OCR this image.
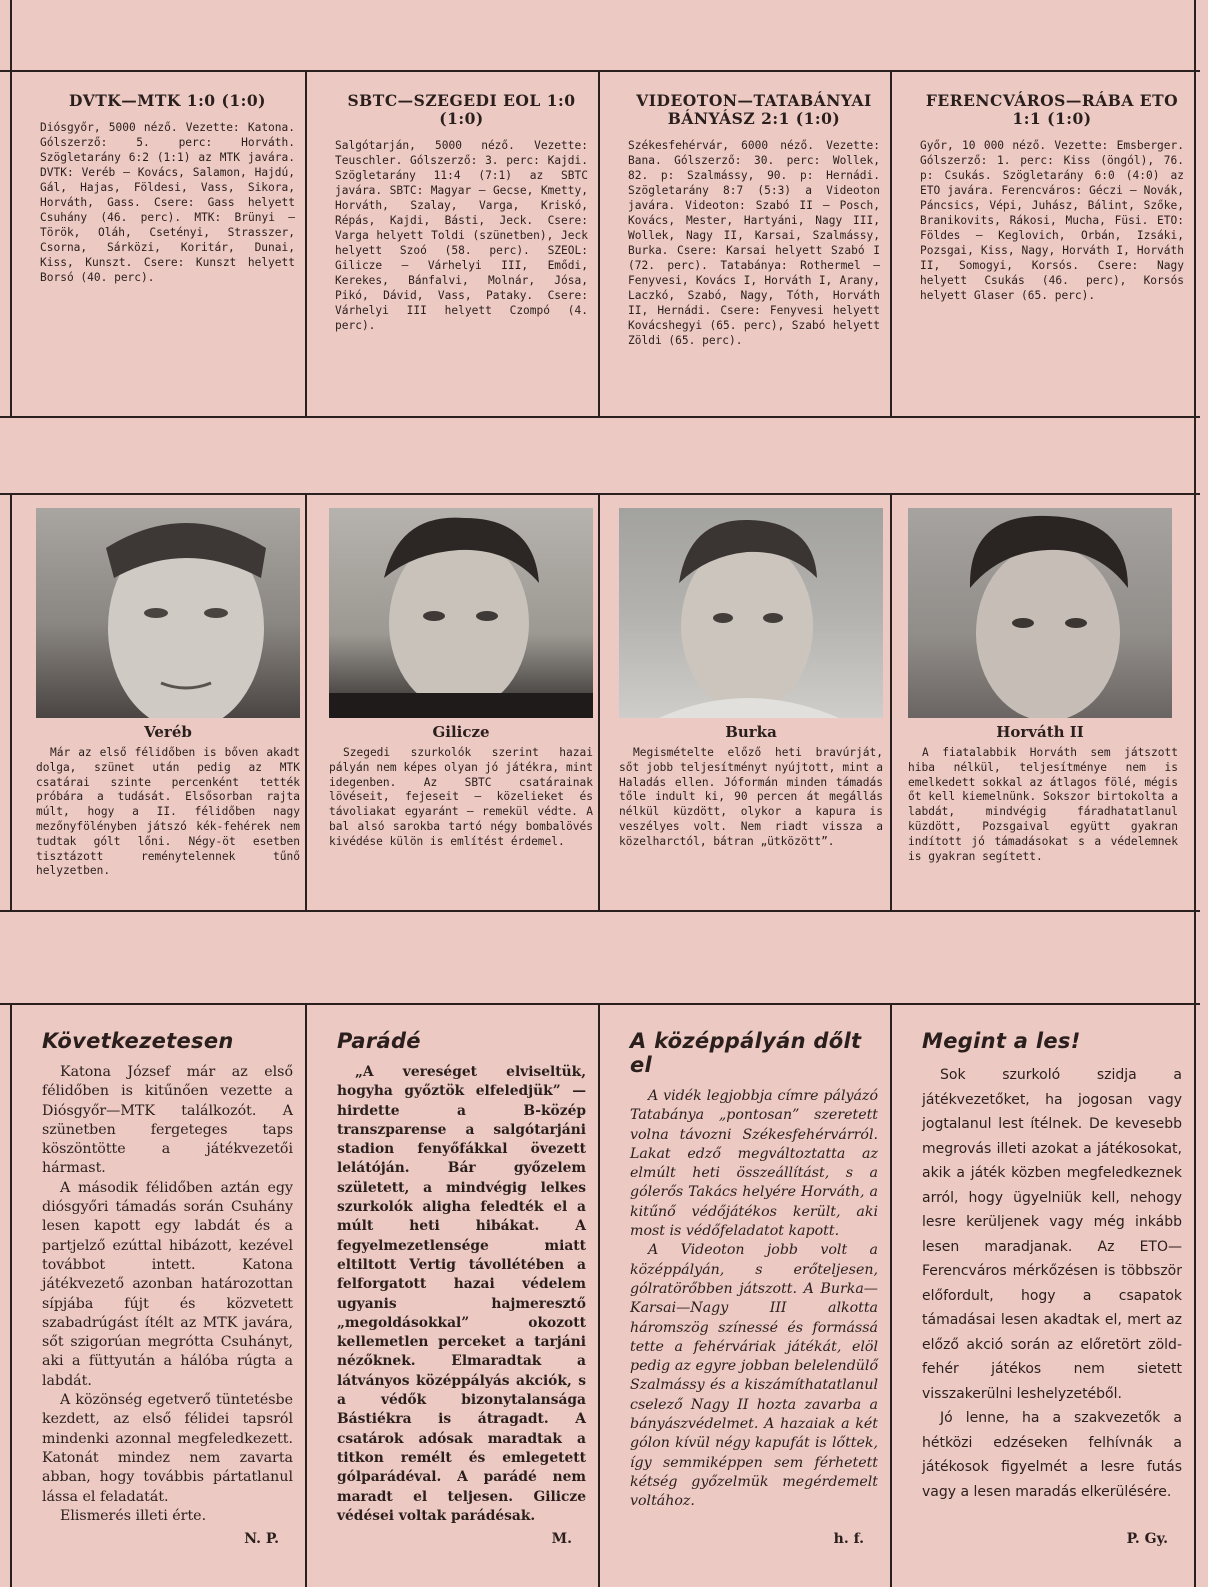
DVTK—MTK 1:0 (1:0)

Diósgyőr, 5000 néző. Vezette: Katona. Gólszerző: 5. perc: Horváth. Szögletarány 6:2 (1:1) az MTK javára. DVTK: Veréb — Kovács, Salamon, Hajdú, Gál, Hajas, Földesi, Vass, Sikora, Horváth, Gass. Csere: Gass helyett Csuhány (46. perc). MTK: Brünyi — Török, Oláh, Csetényi, Strasszer, Csorna, Sárközi, Koritár, Dunai, Kiss, Kunszt. Csere: Kunszt helyett Borsó (40. perc).

SBTC—SZEGEDI EOL 1:0 (1:0)

Salgótarján, 5000 néző. Vezette: Teuschler. Gólszerző: 3. perc: Kajdi. Szögletarány 11:4 (7:1) az SBTC javára. SBTC: Magyar — Gecse, Kmetty, Horváth, Szalay, Varga, Kriskó, Répás, Kajdi, Básti, Jeck. Csere: Varga helyett Toldi (szünetben), Jeck helyett Szoó (58. perc). SZEOL: Gilicze — Várhelyi III, Emődi, Kerekes, Bánfalvi, Molnár, Jósa, Pikó, Dávid, Vass, Pataky. Csere: Várhelyi III helyett Czompó (4. perc).

VIDEOTON—TATABÁNYAI BÁNYÁSZ 2:1 (1:0)

Székesfehérvár, 6000 néző. Vezette: Bana. Gólszerző: 30. perc: Wollek, 82. p: Szalmássy, 90. p: Hernádi. Szögletarány 8:7 (5:3) a Videoton javára. Videoton: Szabó II — Posch, Kovács, Mester, Hartyáni, Nagy III, Wollek, Nagy II, Karsai, Szalmássy, Burka. Csere: Karsai helyett Szabó I (72. perc). Tatabánya: Rothermel — Fenyvesi, Kovács I, Horváth I, Arany, Laczkó, Szabó, Nagy, Tóth, Horváth II, Hernádi. Csere: Fenyvesi helyett Kovácshegyi (65. perc), Szabó helyett Zöldi (65. perc).

FERENCVÁROS—RÁBA ETO 1:1 (1:0)

Győr, 10 000 néző. Vezette: Emsberger. Gólszerző: 1. perc: Kiss (öngól), 76. p: Csukás. Szögletarány 6:0 (4:0) az ETO javára. Ferencváros: Géczi — Novák, Páncsics, Vépi, Juhász, Bálint, Szőke, Branikovits, Rákosi, Mucha, Füsi. ETO: Földes — Keglovich, Orbán, Izsáki, Pozsgai, Kiss, Nagy, Horváth I, Horváth II, Somogyi, Korsós. Csere: Nagy helyett Csukás (46. perc), Korsós helyett Glaser (65. perc).

Veréb

Már az első félidőben is bőven akadt dolga, szünet után pedig az MTK csatárai szinte percenként tették próbára a tudását. Elsősorban rajta múlt, hogy a II. félidőben nagy mezőnyfölényben játszó kék-fehérek nem tudtak gólt lőni. Négy-öt esetben tisztázott reménytelennek tűnő helyzetben.

Gilicze

Szegedi szurkolók szerint hazai pályán nem képes olyan jó játékra, mint idegenben. Az SBTC csatárainak lövéseit, fejeseit — közelieket és távoliakat egyaránt — remekül védte. A bal alsó sarokba tartó négy bombalövés kivédése külön is említést érdemel.

Burka

Megismételte előző heti bravúrját, sőt jobb teljesítményt nyújtott, mint a Haladás ellen. Jóformán minden támadás tőle indult ki, 90 percen át megállás nélkül küzdött, olykor a kapura is veszélyes volt. Nem riadt vissza a közelharctól, bátran „ütközött”.

Horváth II

A fiatalabbik Horváth sem játszott hiba nélkül, teljesítménye nem is emelkedett sokkal az átlagos fölé, mégis őt kell kiemelnünk. Sokszor birtokolta a labdát, mindvégig fáradhatatlanul küzdött, Pozsgaival együtt gyakran indított jó támadásokat s a védelemnek is gyakran segített.

Következetesen

Katona József már az első félidőben is kitűnően vezette a Diósgyőr—MTK találkozót. A szünetben fergeteges taps köszöntötte a játékvezetői hármast.

A második félidőben aztán egy diósgyőri támadás során Csuhány lesen kapott egy labdát és a partjelző ezúttal hibázott, kezével továbbot intett. Katona játékvezető azonban határozottan sípjába fújt és közvetett szabadrúgást ítélt az MTK javára, sőt szigorúan megrótta Csuhányt, aki a füttyután a hálóba rúgta a labdát.

A közönség egetverő tüntetésbe kezdett, az első félidei tapsról mindenki azonnal megfeledkezett. Katonát mindez nem zavarta abban, hogy továbbis pártatlanul lássa el feladatát.

Elismerés illeti érte.

N. P.
Parádé

„A vereséget elviseltük, hogyha győztök elfeledjük” — hirdette a B-közép transzparense a salgótarjáni stadion fenyőfákkal övezett lelátóján. Bár győzelem született, a mindvégig lelkes szurkolók aligha feledték el a múlt heti hibákat. A fegyelmezetlensége miatt eltiltott Vertig távollétében a felforgatott hazai védelem ugyanis hajmeresztő „megoldásokkal” okozott kellemetlen perceket a tarjáni nézőknek. Elmaradtak a látványos középpályás akciók, s a védők bizonytalansága Bástiékra is átragadt. A csatárok adósak maradtak a titkon remélt és emlegetett gólparádéval. A parádé nem maradt el teljesen. Gilicze védései voltak parádésak.

M.
A középpályán dőlt el

A vidék legjobbja címre pályázó Tatabánya „pontosan” szeretett volna távozni Székesfehérvárról. Lakat edző megváltoztatta az elmúlt heti összeállítást, s a gólerős Takács helyére Horváth, a kitűnő védőjátékos került, aki most is védőfeladatot kapott.

A Videoton jobb volt a középpályán, s erőteljesen, gólratörőbben játszott. A Burka—Karsai—Nagy III alkotta háromszög színessé és formássá tette a fehérváriak játékát, elöl pedig az egyre jobban belelendülő Szalmássy és a kiszámíthatatlanul cselező Nagy II hozta zavarba a bányászvédelmet. A hazaiak a két gólon kívül négy kapufát is lőttek, így semmiképpen sem férhetett kétség győzelmük megérdemelt voltához.

h. f.
Megint a les!

Sok szurkoló szidja a játékvezetőket, ha jogosan vagy jogtalanul lest ítélnek. De kevesebb megrovás illeti azokat a játékosokat, akik a játék közben megfeledkeznek arról, hogy ügyelniük kell, nehogy lesre kerüljenek vagy még inkább lesen maradjanak. Az ETO—Ferencváros mérkőzésen is többször előfordult, hogy a csapatok támadásai lesen akadtak el, mert az előző akció során az előretört zöld-fehér játékos nem sietett visszakerülni leshelyzetéből.

Jó lenne, ha a szakvezetők a hétközi edzéseken felhívnák a játékosok figyelmét a lesre futás vagy a lesen maradás elkerülésére.

P. Gy.
